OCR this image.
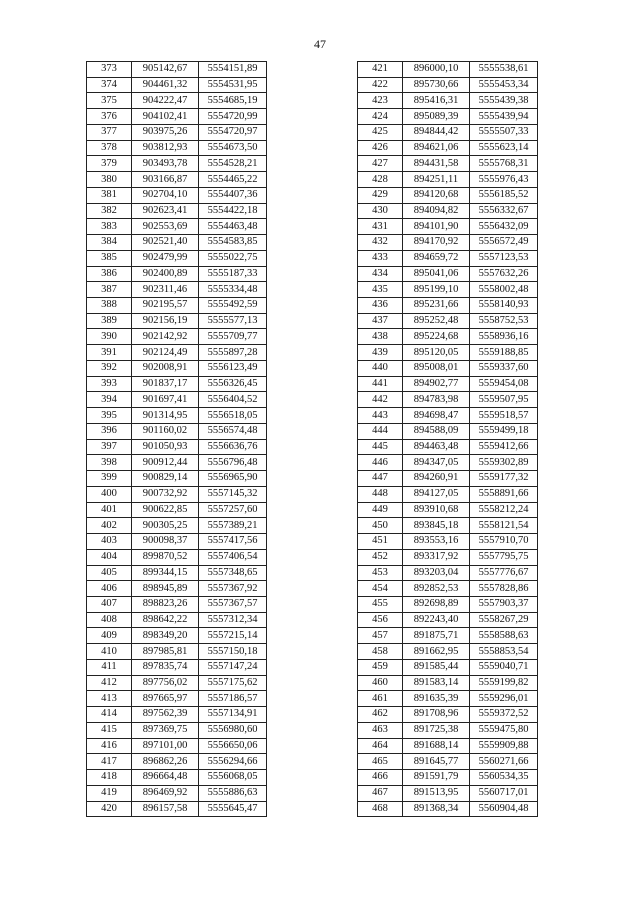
47
373	905142,67	5554151,89
374	904461,32	5554531,95
375	904222,47	5554685,19
376	904102,41	5554720,99
377	903975,26	5554720,97
378	903812,93	5554673,50
379	903493,78	5554528,21
380	903166,87	5554465,22
381	902704,10	5554407,36
382	902623,41	5554422,18
383	902553,69	5554463,48
384	902521,40	5554583,85
385	902479,99	5555022,75
386	902400,89	5555187,33
387	902311,46	5555334,48
388	902195,57	5555492,59
389	902156,19	5555577,13
390	902142,92	5555709,77
391	902124,49	5555897,28
392	902008,91	5556123,49
393	901837,17	5556326,45
394	901697,41	5556404,52
395	901314,95	5556518,05
396	901160,02	5556574,48
397	901050,93	5556636,76
398	900912,44	5556796,48
399	900829,14	5556965,90
400	900732,92	5557145,32
401	900622,85	5557257,60
402	900305,25	5557389,21
403	900098,37	5557417,56
404	899870,52	5557406,54
405	899344,15	5557348,65
406	898945,89	5557367,92
407	898823,26	5557367,57
408	898642,22	5557312,34
409	898349,20	5557215,14
410	897985,81	5557150,18
411	897835,74	5557147,24
412	897756,02	5557175,62
413	897665,97	5557186,57
414	897562,39	5557134,91
415	897369,75	5556980,60
416	897101,00	5556650,06
417	896862,26	5556294,66
418	896664,48	5556068,05
419	896469,92	5555886,63
420	896157,58	5555645,47
421	896000,10	5555538,61
422	895730,66	5555453,34
423	895416,31	5555439,38
424	895089,39	5555439,94
425	894844,42	5555507,33
426	894621,06	5555623,14
427	894431,58	5555768,31
428	894251,11	5555976,43
429	894120,68	5556185,52
430	894094,82	5556332,67
431	894101,90	5556432,09
432	894170,92	5556572,49
433	894659,72	5557123,53
434	895041,06	5557632,26
435	895199,10	5558002,48
436	895231,66	5558140,93
437	895252,48	5558752,53
438	895224,68	5558936,16
439	895120,05	5559188,85
440	895008,01	5559337,60
441	894902,77	5559454,08
442	894783,98	5559507,95
443	894698,47	5559518,57
444	894588,09	5559499,18
445	894463,48	5559412,66
446	894347,05	5559302,89
447	894260,91	5559177,32
448	894127,05	5558891,66
449	893910,68	5558212,24
450	893845,18	5558121,54
451	893553,16	5557910,70
452	893317,92	5557795,75
453	893203,04	5557776,67
454	892852,53	5557828,86
455	892698,89	5557903,37
456	892243,40	5558267,29
457	891875,71	5558588,63
458	891662,95	5558853,54
459	891585,44	5559040,71
460	891583,14	5559199,82
461	891635,39	5559296,01
462	891708,96	5559372,52
463	891725,38	5559475,80
464	891688,14	5559909,88
465	891645,77	5560271,66
466	891591,79	5560534,35
467	891513,95	5560717,01
468	891368,34	5560904,48
